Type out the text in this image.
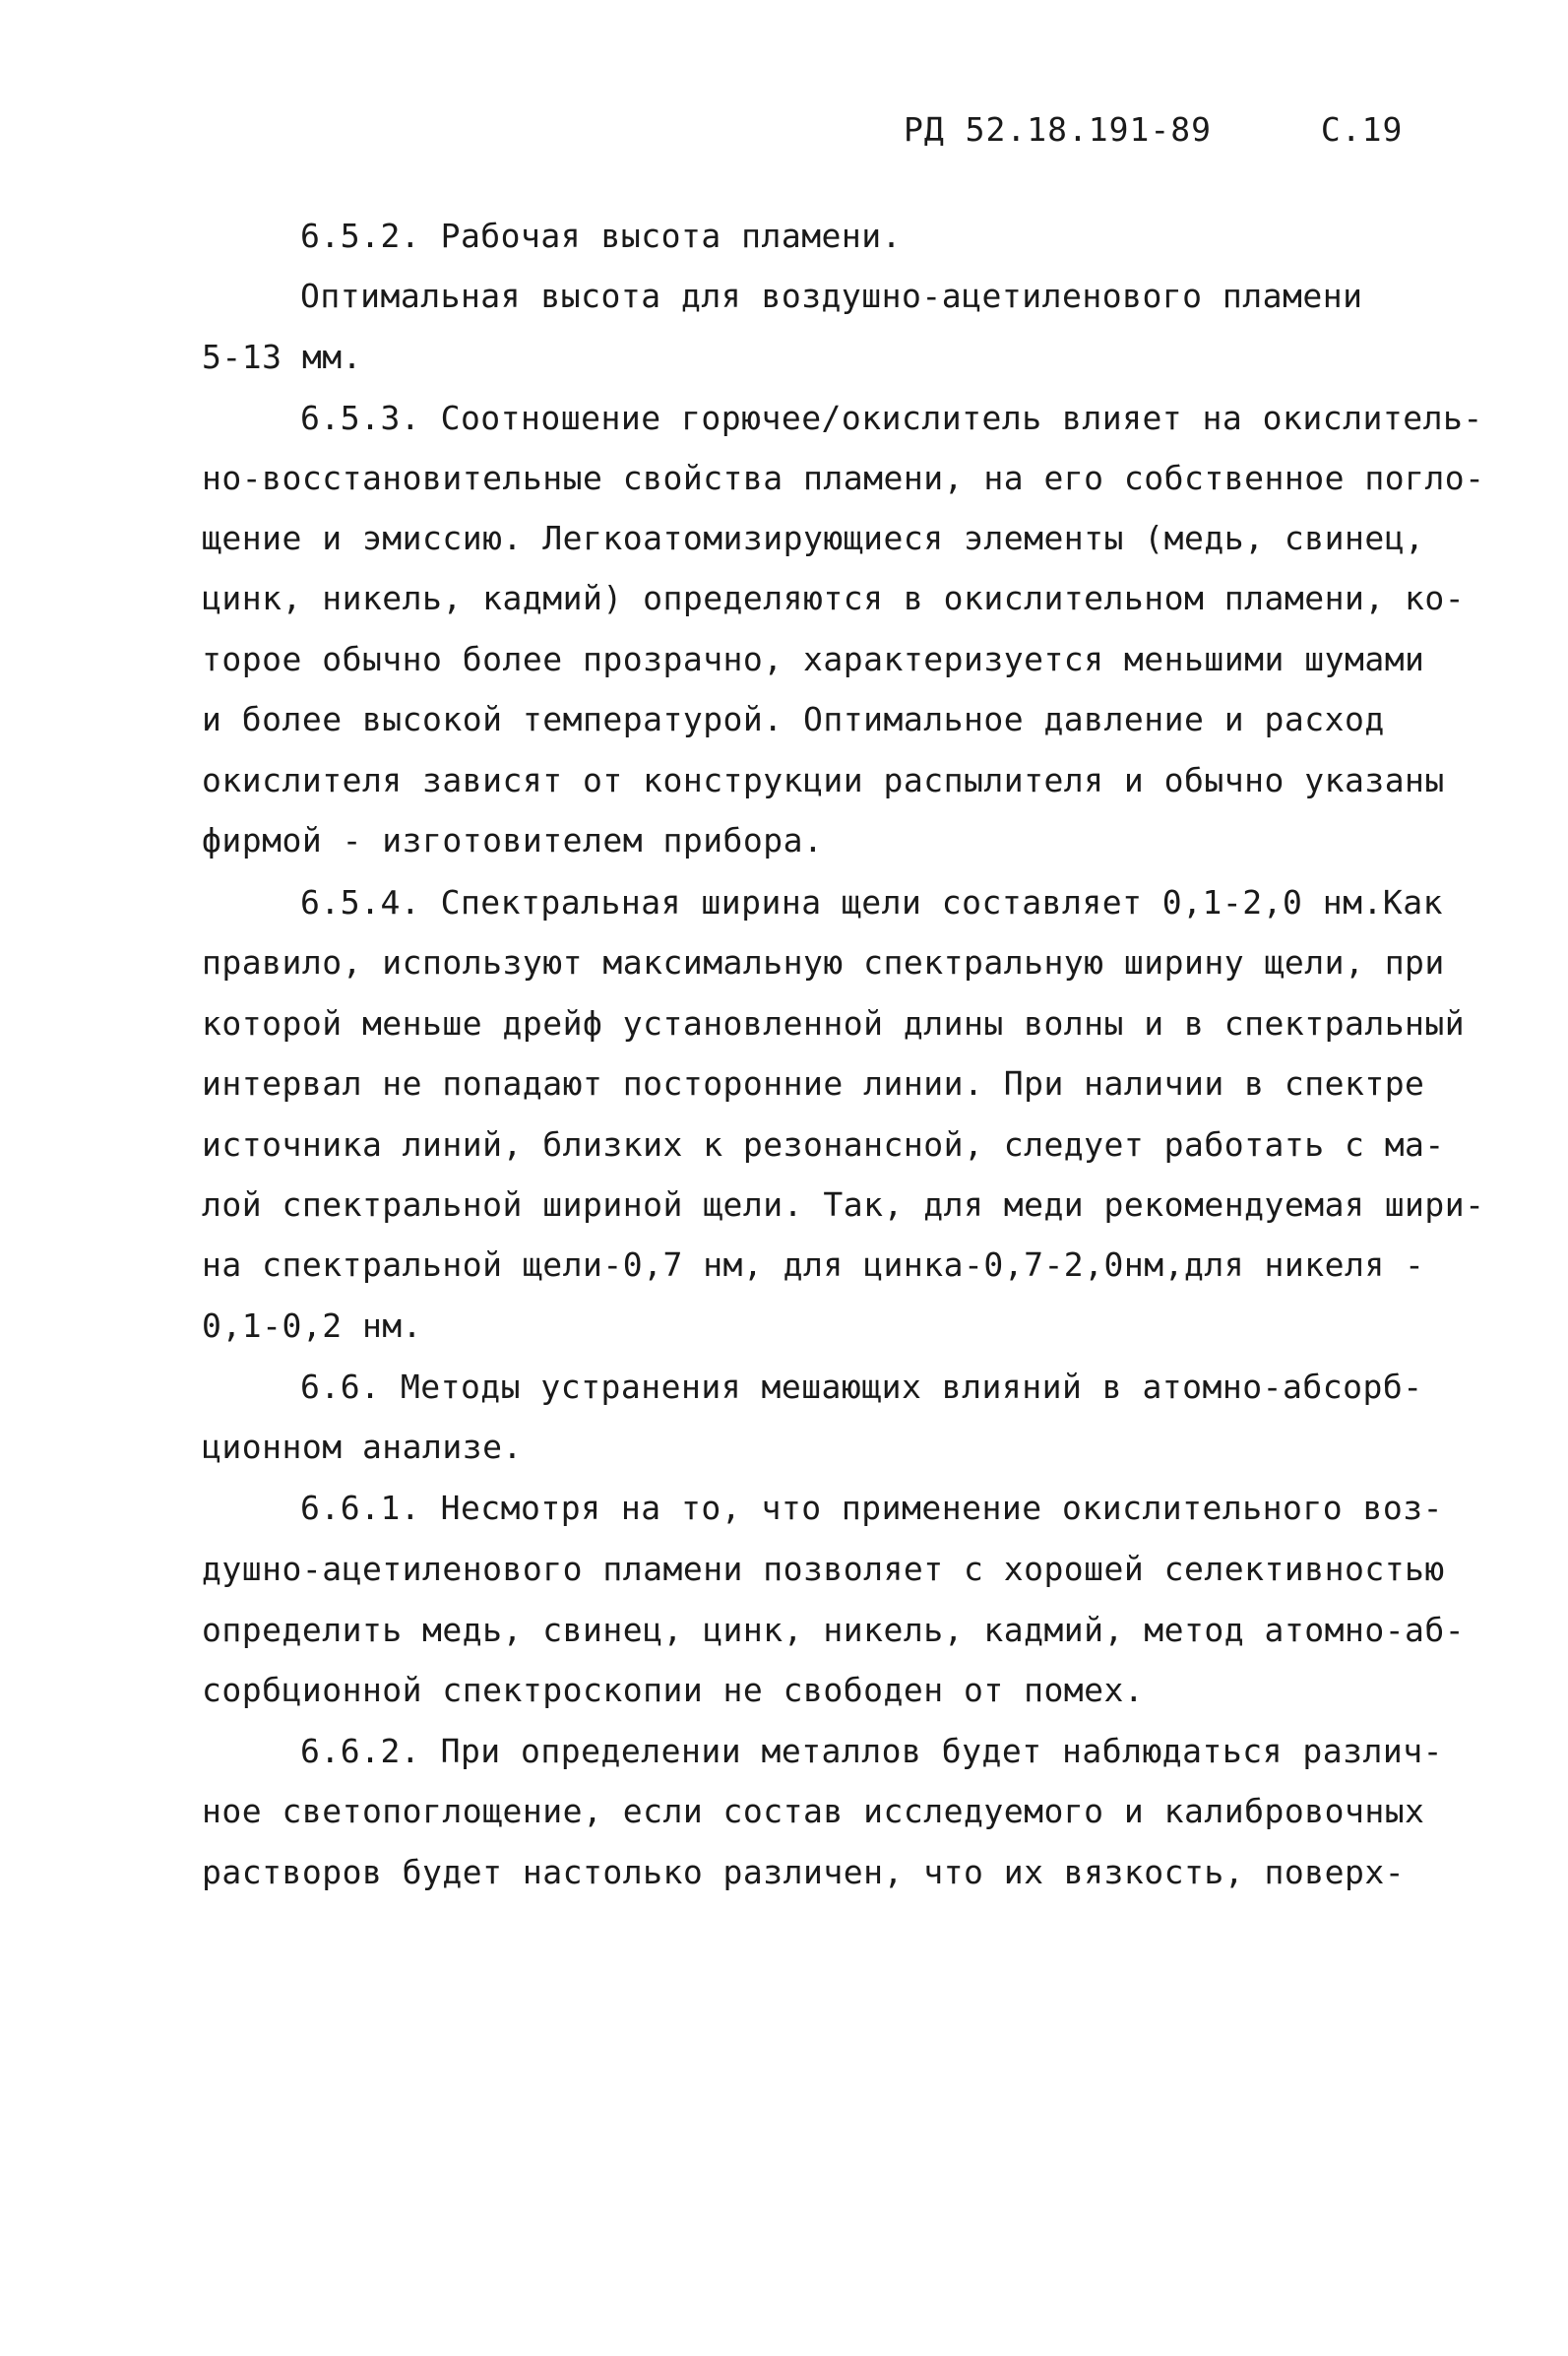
РД 52.18.191-89	С.19
6.5.2. Рабочая высота пламени.
Оптимальная высота для воздушно-ацетиленового пламени
5-13 мм.
6.5.3. Соотношение горючее/окислитель влияет на окислитель-
но-восстановительные свойства пламени, на его собственное погло-
щение и эмиссию. Легкоатомизирующиеся элементы (медь, свинец,
цинк, никель, кадмий) определяются в окислительном пламени, ко-
торое обычно более прозрачно, характеризуется меньшими шумами
и более высокой температурой. Оптимальное давление и расход
окислителя зависят от конструкции распылителя и обычно указаны
фирмой - изготовителем прибора.
6.5.4. Спектральная ширина щели составляет 0,1-2,0 нм.Как
правило, используют максимальную спектральную ширину щели, при
которой меньше дрейф установленной длины волны и в спектральный
интервал не попадают посторонние линии. При наличии в спектре
источника линий, близких к резонансной, следует работать с ма-
лой спектральной шириной щели. Так, для меди рекомендуемая шири-
на спектральной щели-0,7 нм, для цинка-0,7-2,0нм,для никеля -
0,1-0,2 нм.
6.6. Методы устранения мешающих влияний в атомно-абсорб-
ционном анализе.
6.6.1. Несмотря на то, что применение окислительного воз-
душно-ацетиленового пламени позволяет с хорошей селективностью
определить медь, свинец, цинк, никель, кадмий, метод атомно-аб-
сорбционной спектроскопии не свободен от помех.
6.6.2. При определении металлов будет наблюдаться различ-
ное светопоглощение, если состав исследуемого и калибровочных
растворов будет настолько различен, что их вязкость, поверх-
